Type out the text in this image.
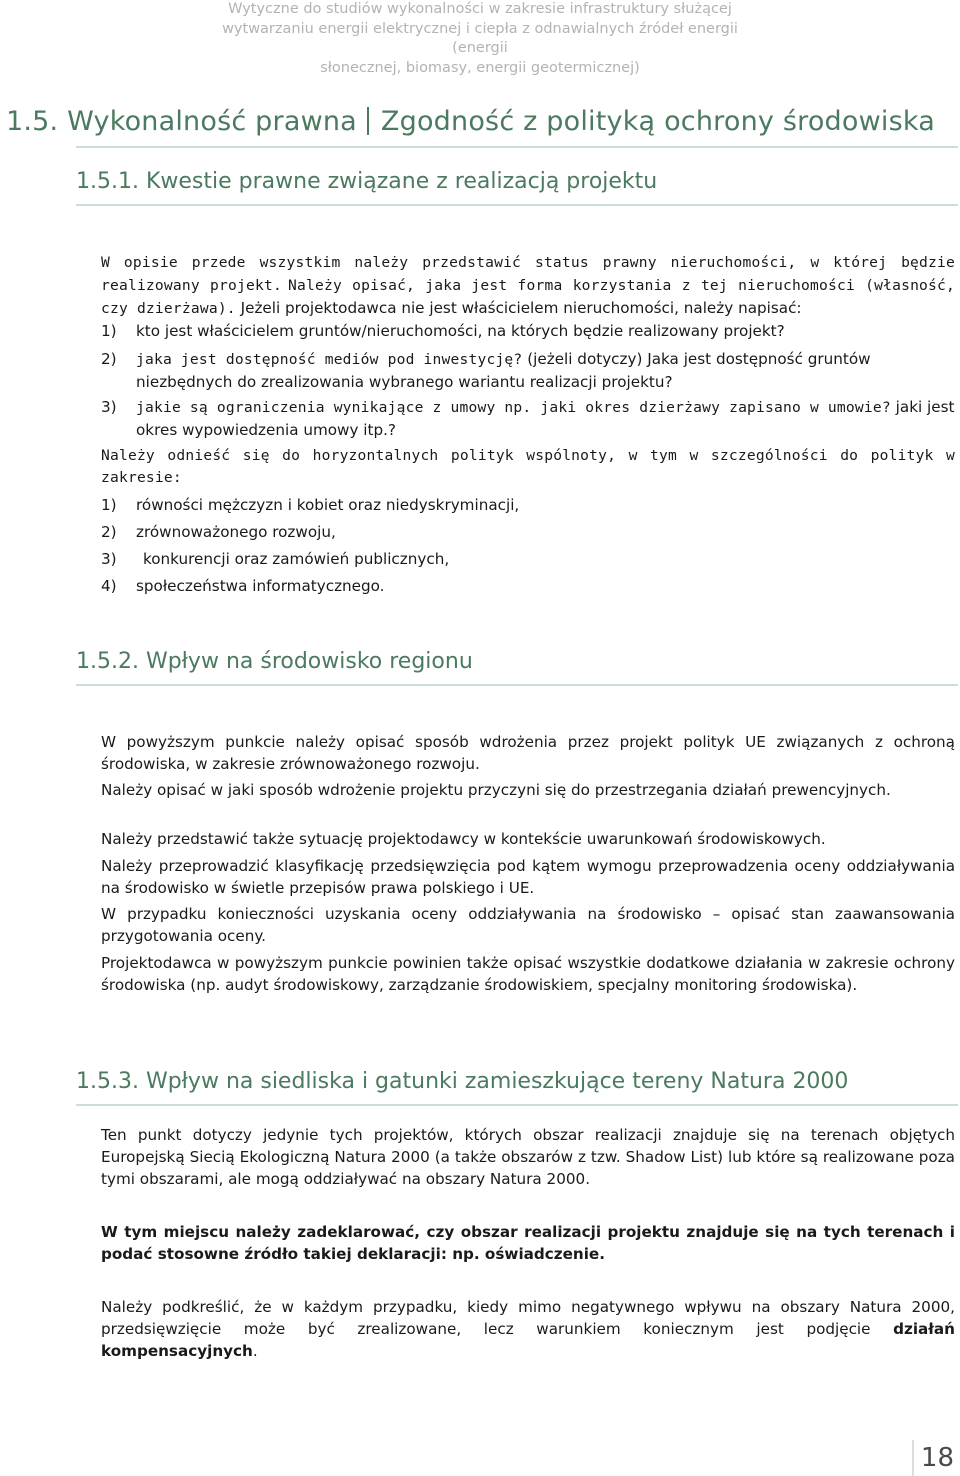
Wytyczne do studiów wykonalności w zakresie infrastruktury służącej
wytwarzaniu energii elektrycznej i ciepła z odnawialnych źródeł energii (energii
słonecznej, biomasy, energii geotermicznej)
1.5. Wykonalność prawna Zgodność z polityką ochrony środowiska
1.5.1. Kwestie prawne związane z realizacją projektu

W opisie przede wszystkim należy przedstawić status prawny nieruchomości, w której będzie realizowany projekt. Należy opisać, jaka jest forma korzystania z tej nieruchomości (własność, czy dzierżawa). Jeżeli projektodawca nie jest właścicielem nieruchomości, należy napisać:

1)	kto jest właścicielem gruntów/nieruchomości, na których będzie realizowany projekt?
2)	jaka jest dostępność mediów pod inwestycję? (jeżeli dotyczy) Jaka jest dostępność gruntów niezbędnych do zrealizowania wybranego wariantu realizacji projektu?
3)	jakie są ograniczenia wynikające z umowy np. jaki okres dzierżawy zapisano w umowie? jaki jest okres wypowiedzenia umowy itp.?

Należy odnieść się do horyzontalnych polityk wspólnoty, w tym w szczególności do polityk w zakresie:

1)	równości mężczyzn i kobiet oraz niedyskryminacji,
2)	zrównoważonego rozwoju,
3)	konkurencji oraz zamówień publicznych,
4)	społeczeństwa informatycznego.
1.5.2. Wpływ na środowisko regionu

W powyższym punkcie należy opisać sposób wdrożenia przez projekt polityk UE związanych z ochroną środowiska, w zakresie zrównoważonego rozwoju.

Należy opisać w jaki sposób wdrożenie projektu przyczyni się do przestrzegania działań prewencyjnych.

Należy przedstawić także sytuację projektodawcy w kontekście uwarunkowań środowiskowych.

Należy przeprowadzić klasyfikację przedsięwzięcia pod kątem wymogu przeprowadzenia oceny oddziaływania na środowisko w świetle przepisów prawa polskiego i UE.

W przypadku konieczności uzyskania oceny oddziaływania na środowisko – opisać stan zaawansowania przygotowania oceny.

Projektodawca w powyższym punkcie powinien także opisać wszystkie dodatkowe działania w zakresie ochrony środowiska (np. audyt środowiskowy, zarządzanie środowiskiem, specjalny monitoring środowiska).

1.5.3. Wpływ na siedliska i gatunki zamieszkujące tereny Natura 2000

Ten punkt dotyczy jedynie tych projektów, których obszar realizacji znajduje się na terenach objętych Europejską Siecią Ekologiczną Natura 2000 (a także obszarów z tzw. Shadow List) lub które są realizowane poza tymi obszarami, ale mogą oddziaływać na obszary Natura 2000.

W tym miejscu należy zadeklarować, czy obszar realizacji projektu znajduje się na tych terenach i podać stosowne źródło takiej deklaracji: np. oświadczenie.

Należy podkreślić, że w każdym przypadku, kiedy mimo negatywnego wpływu na obszary Natura 2000, przedsięwzięcie może być zrealizowane, lecz warunkiem koniecznym jest podjęcie działań kompensacyjnych.

18
